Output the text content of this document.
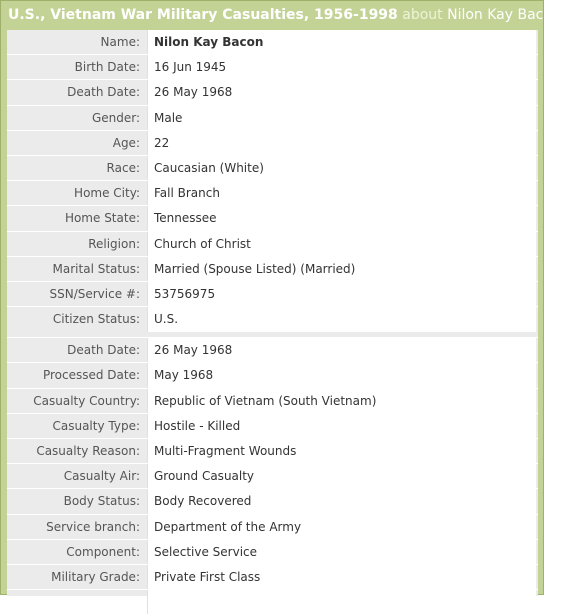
U.S., Vietnam War Military Casualties, 1956-1998 about Nilon Kay Bacon
Name:	Nilon Kay Bacon
Birth Date:	16 Jun 1945
Death Date:	26 May 1968
Gender:	Male
Age:	22
Race:	Caucasian (White)
Home City:	Fall Branch
Home State:	Tennessee
Religion:	Church of Christ
Marital Status:	Married (Spouse Listed) (Married)
SSN/Service #:	53756975
Citizen Status:	U.S.
Death Date:	26 May 1968
Processed Date:	May 1968
Casualty Country:	Republic of Vietnam (South Vietnam)
Casualty Type:	Hostile - Killed
Casualty Reason:	Multi-Fragment Wounds
Casualty Air:	Ground Casualty
Body Status:	Body Recovered
Service branch:	Department of the Army
Component:	Selective Service
Military Grade:	Private First Class
